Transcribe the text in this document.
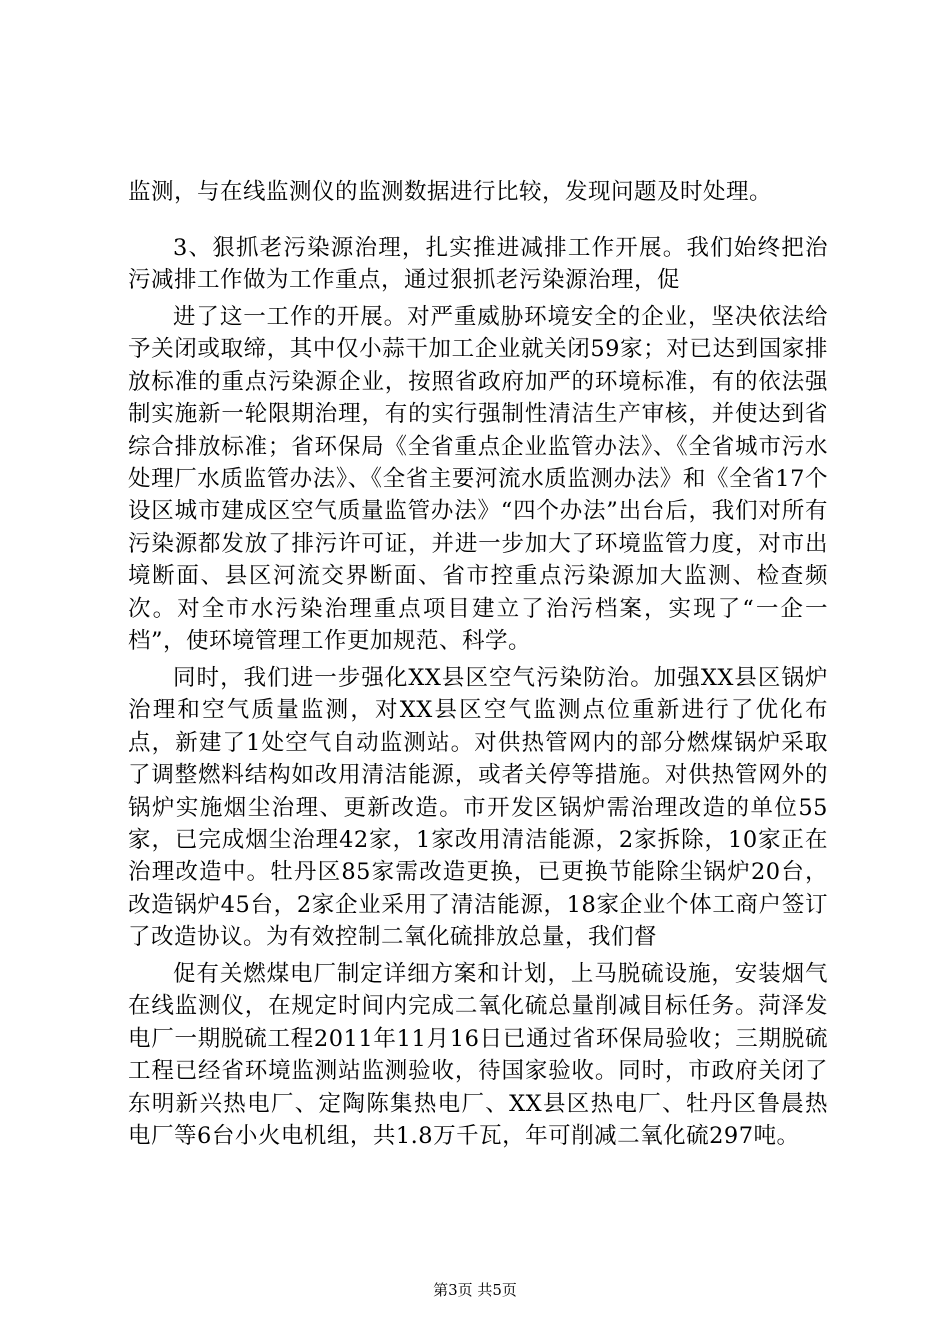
监测，与在线监测仪的监测数据进行比较，发现问题及时处理。

3、狠抓老污染源治理，扎实推进减排工作开展。我们始终把治污减排工作做为工作重点，通过狠抓老污染源治理，促

进了这一工作的开展。对严重威胁环境安全的企业，坚决依法给予关闭或取缔，其中仅小蒜干加工企业就关闭59家；对已达到国家排放标准的重点污染源企业，按照省政府加严的环境标准，有的依法强制实施新一轮限期治理，有的实行强制性清洁生产审核，并使达到省综合排放标准；省环保局《全省重点企业监管办法》、《全省城市污水处理厂水质监管办法》、《全省主要河流水质监测办法》和《全省17个设区城市建成区空气质量监管办法》“四个办法”出台后，我们对所有污染源都发放了排污许可证，并进一步加大了环境监管力度，对市出境断面、县区河流交界断面、省市控重点污染源加大监测、检查频次。对全市水污染治理重点项目建立了治污档案，实现了“一企一档”，使环境管理工作更加规范、科学。

同时，我们进一步强化XX县区空气污染防治。加强XX县区锅炉治理和空气质量监测，对XX县区空气监测点位重新进行了优化布点，新建了1处空气自动监测站。对供热管网内的部分燃煤锅炉采取了调整燃料结构如改用清洁能源，或者关停等措施。对供热管网外的锅炉实施烟尘治理、更新改造。市开发区锅炉需治理改造的单位55家，已完成烟尘治理42家，1家改用清洁能源，2家拆除，10家正在治理改造中。牡丹区85家需改造更换，已更换节能除尘锅炉20台，改造锅炉45台，2家企业采用了清洁能源，18家企业个体工商户签订了改造协议。为有效控制二氧化硫排放总量，我们督

促有关燃煤电厂制定详细方案和计划，上马脱硫设施，安装烟气在线监测仪，在规定时间内完成二氧化硫总量削减目标任务。菏泽发电厂一期脱硫工程2011年11月16日已通过省环保局验收；三期脱硫工程已经省环境监测站监测验收，待国家验收。同时，市政府关闭了东明新兴热电厂、定陶陈集热电厂、XX县区热电厂、牡丹区鲁晨热电厂等6台小火电机组，共1.8万千瓦，年可削减二氧化硫297吨。

第3页 共5页
